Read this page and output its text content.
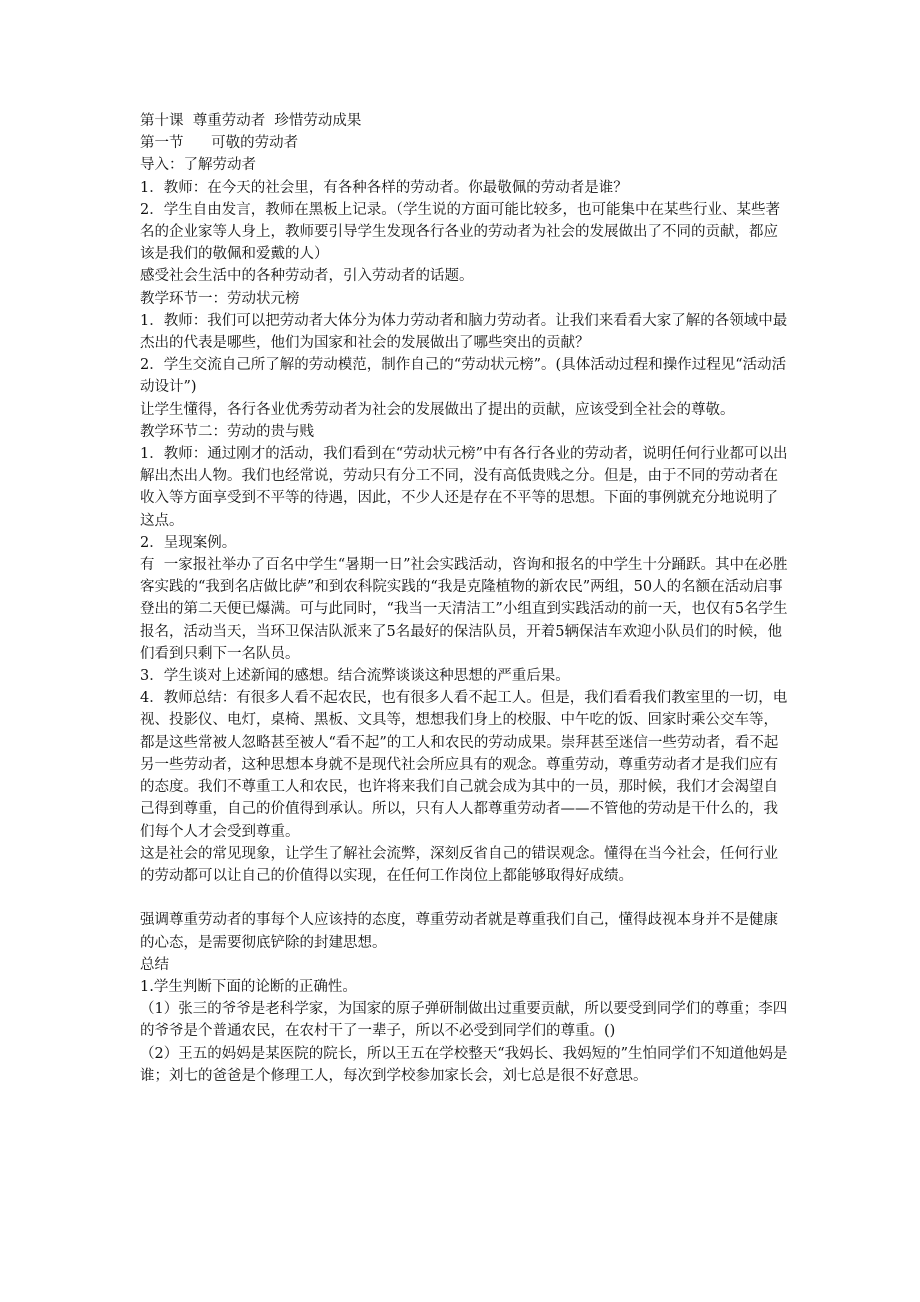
第十课  尊重劳动者  珍惜劳动成果
第一节      可敬的劳动者
导入：了解劳动者
1．教师：在今天的社会里，有各种各样的劳动者。你最敬佩的劳动者是谁？
2．学生自由发言，教师在黑板上记录。（学生说的方面可能比较多，也可能集中在某些行业、某些著名的企业家等人身上，教师要引导学生发现各行各业的劳动者为社会的发展做出了不同的贡献，都应该是我们的敬佩和爱戴的人）
感受社会生活中的各种劳动者，引入劳动者的话题。
教学环节一：劳动状元榜
1．教师：我们可以把劳动者大体分为体力劳动者和脑力劳动者。让我们来看看大家了解的各领域中最杰出的代表是哪些，他们为国家和社会的发展做出了哪些突出的贡献？
2．学生交流自己所了解的劳动模范，制作自己的“劳动状元榜”。(具体活动过程和操作过程见“活动活动设计”)
让学生懂得，各行各业优秀劳动者为社会的发展做出了提出的贡献，应该受到全社会的尊敬。
教学环节二：劳动的贵与贱
1．教师：通过刚才的活动，我们看到在“劳动状元榜”中有各行各业的劳动者，说明任何行业都可以出解出杰出人物。我们也经常说，劳动只有分工不同，没有高低贵贱之分。但是，由于不同的劳动者在收入等方面享受到不平等的待遇，因此，不少人还是存在不平等的思想。下面的事例就充分地说明了这点。
2．呈现案例。
有  一家报社举办了百名中学生“暑期一日”社会实践活动，咨询和报名的中学生十分踊跃。其中在必胜客实践的“我到名店做比萨”和到农科院实践的“我是克隆植物的新农民”两组，50人的名额在活动启事登出的第二天便已爆满。可与此同时，“我当一天清洁工”小组直到实践活动的前一天，也仅有5名学生报名，活动当天，当环卫保洁队派来了5名最好的保洁队员，开着5辆保洁车欢迎小队员们的时候，他们看到只剩下一名队员。
3．学生谈对上述新闻的感想。结合流弊谈谈这种思想的严重后果。
4．教师总结：有很多人看不起农民，也有很多人看不起工人。但是，我们看看我们教室里的一切，电视、投影仪、电灯，桌椅、黑板、文具等，想想我们身上的校服、中午吃的饭、回家时乘公交车等，都是这些常被人忽略甚至被人“看不起”的工人和农民的劳动成果。崇拜甚至迷信一些劳动者，看不起另一些劳动者，这种思想本身就不是现代社会所应具有的观念。尊重劳动，尊重劳动者才是我们应有的态度。我们不尊重工人和农民，也许将来我们自己就会成为其中的一员，那时候，我们才会渴望自己得到尊重，自己的价值得到承认。所以，只有人人都尊重劳动者——不管他的劳动是干什么的，我们每个人才会受到尊重。
这是社会的常见现象，让学生了解社会流弊，深刻反省自己的错误观念。懂得在当今社会，任何行业的劳动都可以让自己的价值得以实现，在任何工作岗位上都能够取得好成绩。
强调尊重劳动者的事每个人应该持的态度，尊重劳动者就是尊重我们自己，懂得歧视本身并不是健康的心态，是需要彻底铲除的封建思想。
总结
1.学生判断下面的论断的正确性。
（1）张三的爷爷是老科学家，为国家的原子弹研制做出过重要贡献，所以要受到同学们的尊重；李四的爷爷是个普通农民，在农村干了一辈子，所以不必受到同学们的尊重。()
（2）王五的妈妈是某医院的院长，所以王五在学校整天“我妈长、我妈短的”生怕同学们不知道他妈是谁；刘七的爸爸是个修理工人，每次到学校参加家长会，刘七总是很不好意思。
